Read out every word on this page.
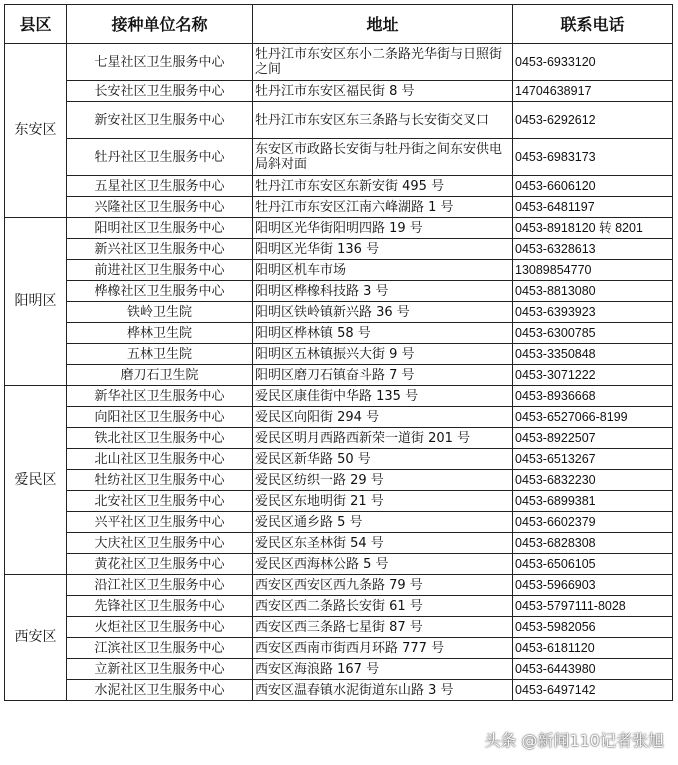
县区	接种单位名称	地址	联系电话
东安区	七星社区卫生服务中心	牡丹江市东安区东小二条路光华街与日照街之间	0453-6933120
	长安社区卫生服务中心	牡丹江市东安区福民街 8 号	14704638917
	新安社区卫生服务中心	牡丹江市东安区东三条路与长安街交叉口	0453-6292612
	牡丹社区卫生服务中心	东安区市政路长安街与牡丹街之间东安供电局斜对面	0453-6983173
	五星社区卫生服务中心	牡丹江市东安区东新安街 495 号	0453-6606120
	兴隆社区卫生服务中心	牡丹江市东安区江南六峰湖路 1 号	0453-6481197
阳明区	阳明社区卫生服务中心	阳明区光华街阳明四路 19 号	0453-8918120 转 8201
	新兴社区卫生服务中心	阳明区光华街 136 号	0453-6328613
	前进社区卫生服务中心	阳明区机车市场	13089854770
	桦橡社区卫生服务中心	阳明区桦橡科技路 3 号	0453-8813080
	铁岭卫生院	阳明区铁岭镇新兴路 36 号	0453-6393923
	桦林卫生院	阳明区桦林镇 58 号	0453-6300785
	五林卫生院	阳明区五林镇振兴大街 9 号	0453-3350848
	磨刀石卫生院	阳明区磨刀石镇奋斗路 7 号	0453-3071222
爱民区	新华社区卫生服务中心	爱民区康佳街中华路 135 号	0453-8936668
	向阳社区卫生服务中心	爱民区向阳街 294 号	0453-6527066-8199
	铁北社区卫生服务中心	爱民区明月西路西新荣一道街 201 号	0453-8922507
	北山社区卫生服务中心	爱民区新华路 50 号	0453-6513267
	牡纺社区卫生服务中心	爱民区纺织一路 29 号	0453-6832230
	北安社区卫生服务中心	爱民区东地明街 21 号	0453-6899381
	兴平社区卫生服务中心	爱民区通乡路 5 号	0453-6602379
	大庆社区卫生服务中心	爱民区东圣林街 54 号	0453-6828308
	黄花社区卫生服务中心	爱民区西海林公路 5 号	0453-6506105
西安区	沿江社区卫生服务中心	西安区西安区西九条路 79 号	0453-5966903
	先锋社区卫生服务中心	西安区西二条路长安街 61 号	0453-5797111-8028
	火炬社区卫生服务中心	西安区西三条路七星街 87 号	0453-5982056
	江滨社区卫生服务中心	西安区西南市街西月环路 777 号	0453-6181120
	立新社区卫生服务中心	西安区海浪路 167 号	0453-6443980
	水泥社区卫生服务中心	西安区温春镇水泥街道东山路 3 号	0453-6497142
头条 @新闻110记者张旭
